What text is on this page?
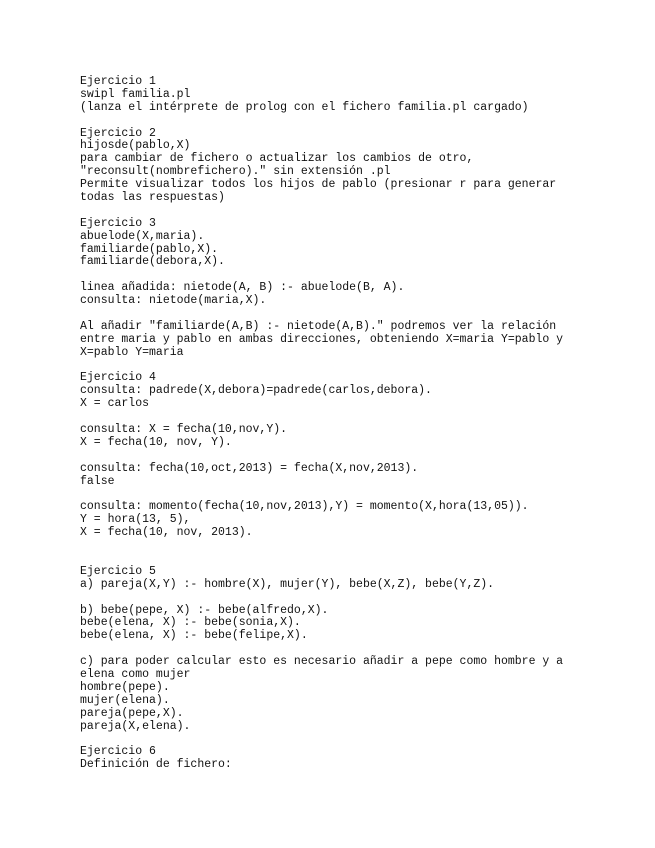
Ejercicio 1
swipl familia.pl
(lanza el intérprete de prolog con el fichero familia.pl cargado)
Ejercicio 2
hijosde(pablo,X)
para cambiar de fichero o actualizar los cambios de otro,
"reconsult(nombrefichero)." sin extensión .pl
Permite visualizar todos los hijos de pablo (presionar r para generar
todas las respuestas)
Ejercicio 3
abuelode(X,maria).
familiarde(pablo,X).
familiarde(debora,X).
linea añadida: nietode(A, B) :- abuelode(B, A).
consulta: nietode(maria,X).
Al añadir "familiarde(A,B) :- nietode(A,B)." podremos ver la relación
entre maria y pablo en ambas direcciones, obteniendo X=maria Y=pablo y
X=pablo Y=maria
Ejercicio 4
consulta: padrede(X,debora)=padrede(carlos,debora).
X = carlos
consulta: X = fecha(10,nov,Y).
X = fecha(10, nov, Y).
consulta: fecha(10,oct,2013) = fecha(X,nov,2013).
false
consulta: momento(fecha(10,nov,2013),Y) = momento(X,hora(13,05)).
Y = hora(13, 5),
X = fecha(10, nov, 2013).
Ejercicio 5
a) pareja(X,Y) :- hombre(X), mujer(Y), bebe(X,Z), bebe(Y,Z).
b) bebe(pepe, X) :- bebe(alfredo,X).
bebe(elena, X) :- bebe(sonia,X).
bebe(elena, X) :- bebe(felipe,X).
c) para poder calcular esto es necesario añadir a pepe como hombre y a
elena como mujer
hombre(pepe).
mujer(elena).
pareja(pepe,X).
pareja(X,elena).
Ejercicio 6
Definición de fichero:
